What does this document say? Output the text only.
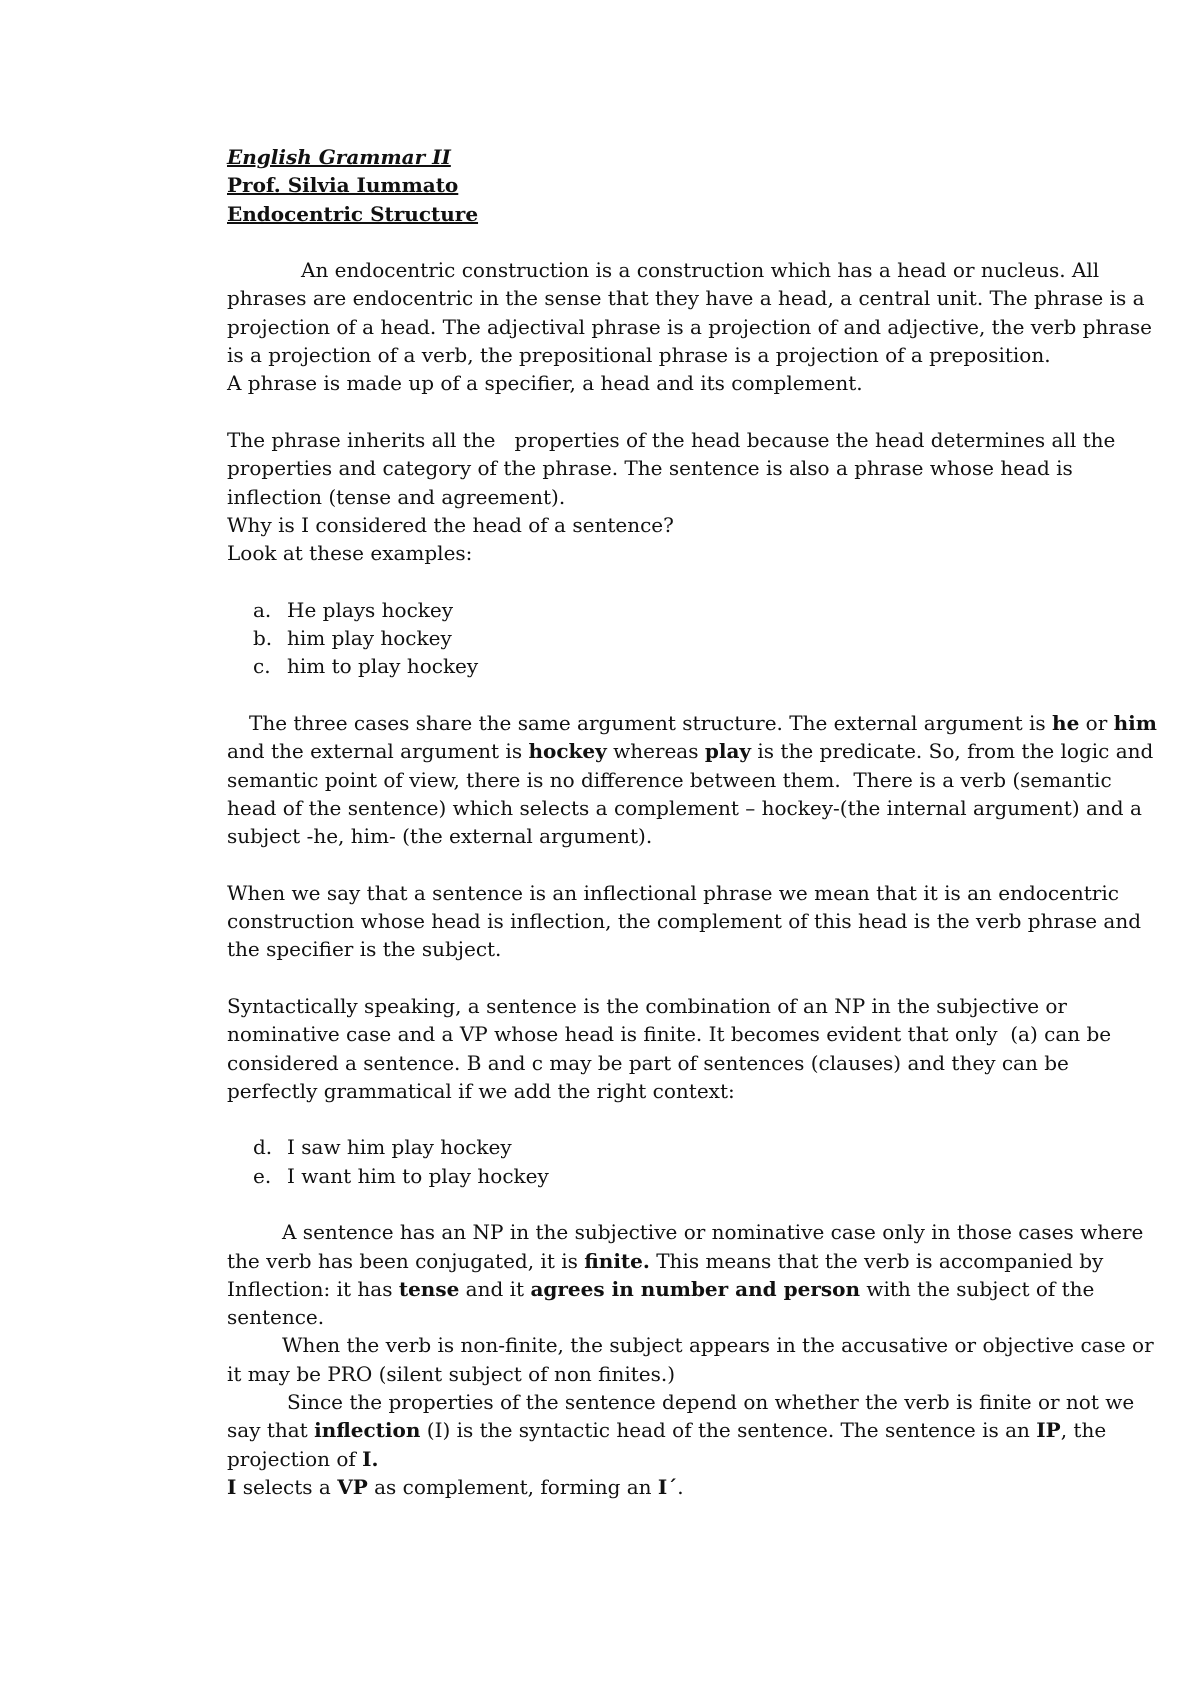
English Grammar II
Prof. Silvia Iummato
Endocentric Structure
An endocentric construction is a construction which has a head or nucleus. All
phrases are endocentric in the sense that they have a head, a central unit. The phrase is a
projection of a head. The adjectival phrase is a projection of and adjective, the verb phrase
is a projection of a verb, the prepositional phrase is a projection of a preposition.
A phrase is made up of a specifier, a head and its complement.
The phrase inherits all the   properties of the head because the head determines all the
properties and category of the phrase. The sentence is also a phrase whose head is
inflection (tense and agreement).
Why is I considered the head of a sentence?
Look at these examples:
a. He plays hockey
b. him play hockey
c. him to play hockey
The three cases share the same argument structure. The external argument is he or him
and the external argument is hockey whereas play is the predicate. So, from the logic and
semantic point of view, there is no difference between them.  There is a verb (semantic
head of the sentence) which selects a complement – hockey-(the internal argument) and a
subject -he, him- (the external argument).
When we say that a sentence is an inflectional phrase we mean that it is an endocentric
construction whose head is inflection, the complement of this head is the verb phrase and
the specifier is the subject.
Syntactically speaking, a sentence is the combination of an NP in the subjective or
nominative case and a VP whose head is finite. It becomes evident that only  (a) can be
considered a sentence. B and c may be part of sentences (clauses) and they can be
perfectly grammatical if we add the right context:
d. I saw him play hockey
e. I want him to play hockey
A sentence has an NP in the subjective or nominative case only in those cases where
the verb has been conjugated, it is finite. This means that the verb is accompanied by
Inflection: it has tense and it agrees in number and person with the subject of the
sentence.
When the verb is non-finite, the subject appears in the accusative or objective case or
it may be PRO (silent subject of non finites.)
Since the properties of the sentence depend on whether the verb is finite or not we
say that inflection (I) is the syntactic head of the sentence. The sentence is an IP, the
projection of I.
I selects a VP as complement, forming an I´.
